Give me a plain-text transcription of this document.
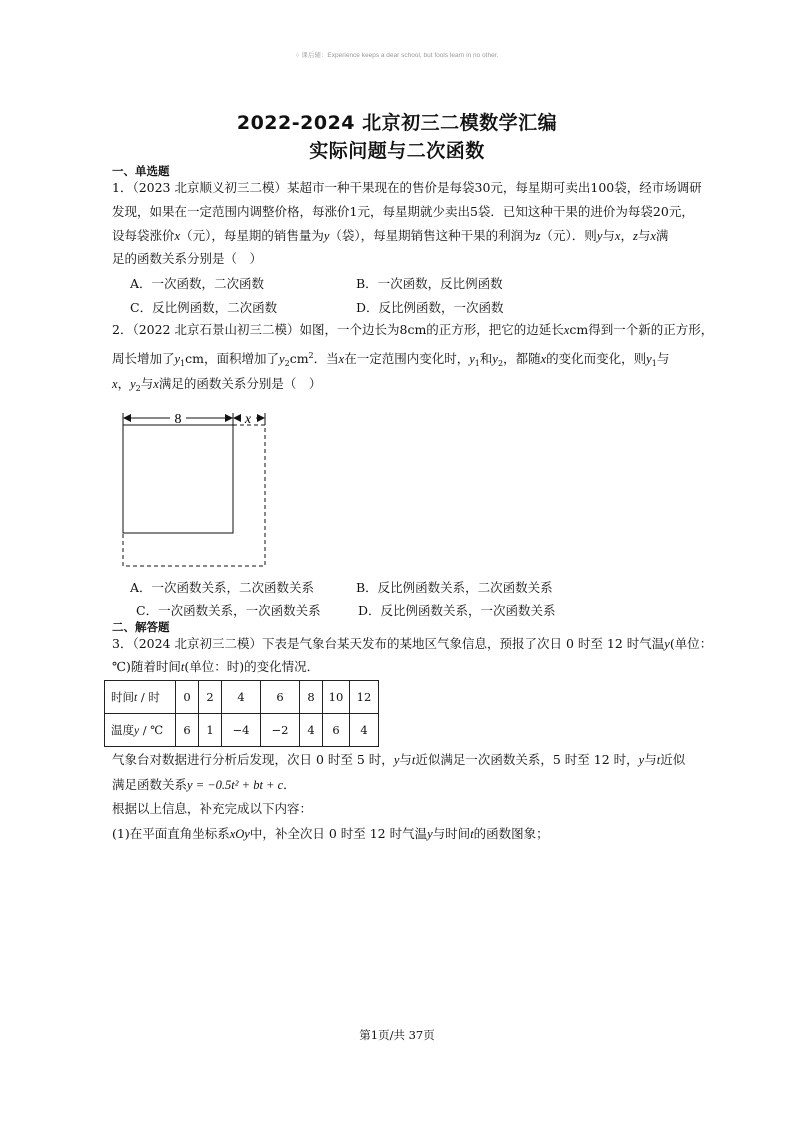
○ 课后辅：Experience keeps a dear school, but fools learn in no other.
2022-2024 北京初三二模数学汇编
实际问题与二次函数
一、单选题
1．（2023 北京顺义初三二模）某超市一种干果现在的售价是每袋30元，每星期可卖出100袋，经市场调研
发现，如果在一定范围内调整价格，每涨价1元，每星期就少卖出5袋．已知这种干果的进价为每袋20元，
设每袋涨价x（元），每星期的销售量为y（袋），每星期销售这种干果的利润为z（元）．则y与x，z与x满
足的函数关系分别是（　）
A．一次函数，二次函数	B．一次函数，反比例函数
C．反比例函数，二次函数	D．反比例函数，一次函数
2．（2022 北京石景山初三二模）如图，一个边长为8cm的正方形，把它的边延长xcm得到一个新的正方形，
周长增加了$y_1cm$，面积增加了$y_2cm^2$．当x在一定范围内变化时，$y_1$和$y_2$，都随x的变化而变化，则$y_1$与
x，$y_2$与x满足的函数关系分别是（　）
8	x
A．一次函数关系，二次函数关系	B．反比例函数关系，二次函数关系
C．一次函数关系，一次函数关系	D．反比例函数关系，一次函数关系
二、解答题
3．（2024 北京初三二模）下表是气象台某天发布的某地区气象信息，预报了次日 0 时至 12 时气温y(单位：
℃)随着时间t(单位：时)的变化情况．
时间t / 时	0	2	4	6	8	10	12
温度y / ℃	6	1	−4	−2	4	6	4
气象台对数据进行分析后发现，次日 0 时至 5 时，y与t近似满足一次函数关系，5 时至 12 时，y与t近似
满足函数关系y = −0.5t² + bt + c．
根据以上信息，补充完成以下内容：
(1)在平面直角坐标系xOy中，补全次日 0 时至 12 时气温y与时间t的函数图象；
第1页/共 37页
